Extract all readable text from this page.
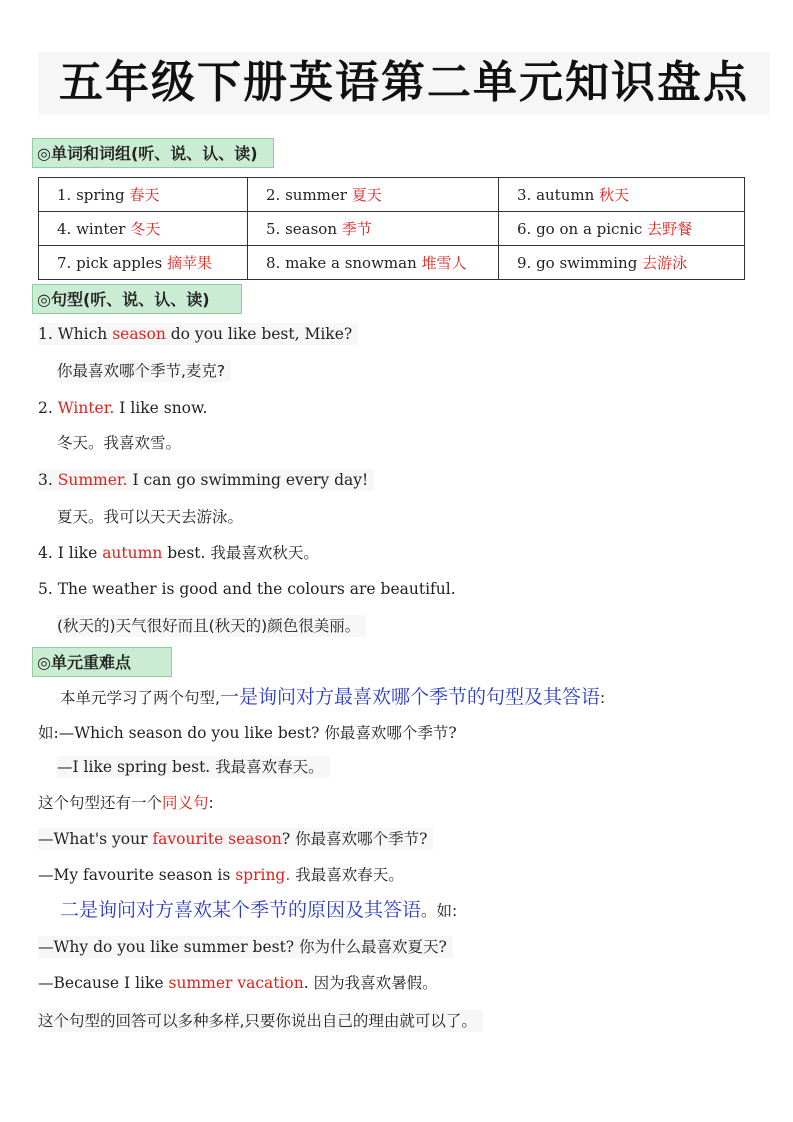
五年级下册英语第二单元知识盘点
◎单词和词组(听、说、认、读)
1. spring 春天	2. summer 夏天	3. autumn 秋天
4. winter 冬天	5. season 季节	6. go on a picnic 去野餐
7. pick apples 摘苹果	8. make a snowman 堆雪人	9. go swimming 去游泳
◎句型(听、说、认、读)
1. Which season do you like best, Mike?
你最喜欢哪个季节,麦克?
2. Winter. I like snow.
冬天。我喜欢雪。
3. Summer. I can go swimming every day!
夏天。我可以天天去游泳。
4. I like autumn best. 我最喜欢秋天。
5. The weather is good and the colours are beautiful.
(秋天的)天气很好而且(秋天的)颜色很美丽。
◎单元重难点
本单元学习了两个句型,一是询问对方最喜欢哪个季节的句型及其答语:
如:—Which season do you like best? 你最喜欢哪个季节?
—I like spring best. 我最喜欢春天。
这个句型还有一个同义句:
—What's your favourite season? 你最喜欢哪个季节?
—My favourite season is spring. 我最喜欢春天。
二是询问对方喜欢某个季节的原因及其答语。如:
—Why do you like summer best? 你为什么最喜欢夏天?
—Because I like summer vacation. 因为我喜欢暑假。
这个句型的回答可以多种多样,只要你说出自己的理由就可以了。
